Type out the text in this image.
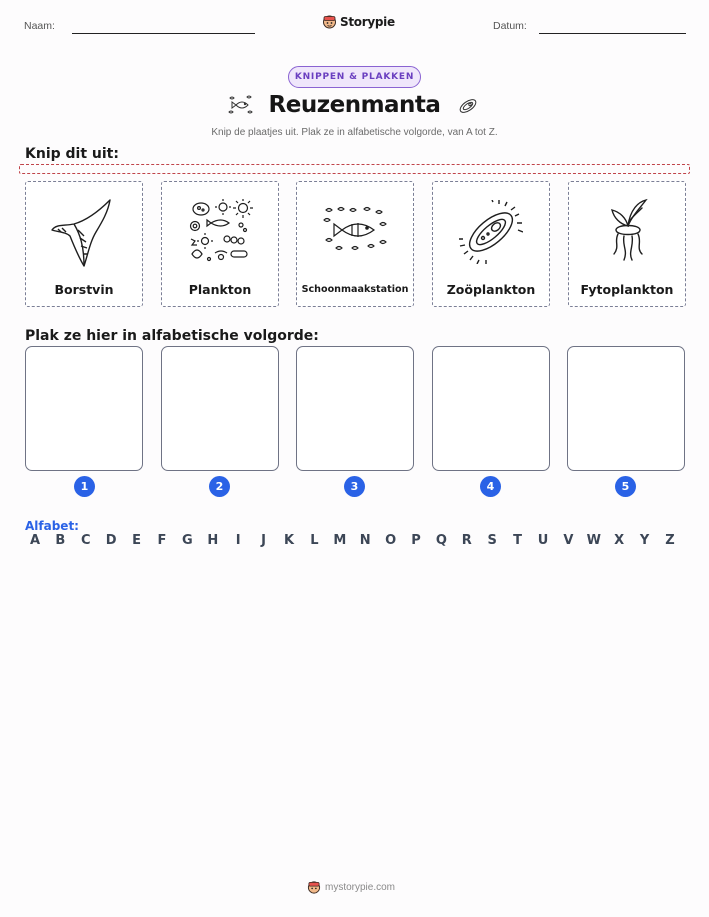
Naam:	Storypie	Datum:
KNIPPEN & PLAKKEN
Reuzenmanta
Knip de plaatjes uit. Plak ze in alfabetische volgorde, van A tot Z.
Knip dit uit:
Borstvin	Plankton	Schoonmaakstation	Zoöplankton	Fytoplankton
Plak ze hier in alfabetische volgorde:
1	2	3	4	5
Alfabet:
A	B	C	D	E	F	G	H	I	J	K	L	M	N	O	P	Q	R	S	T	U	V	W	X	Y	Z
mystorypie.com
